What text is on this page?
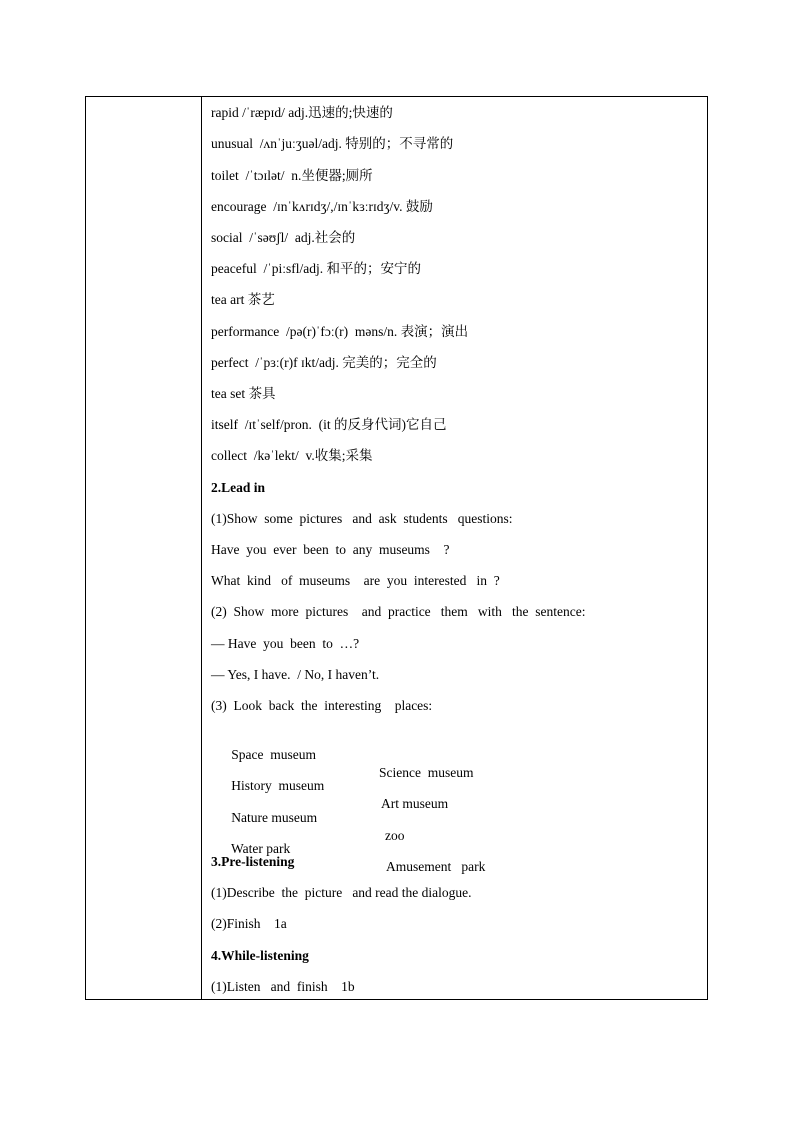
rapid /ˈræpɪd/ adj.迅速的;快速的
unusual  /ʌnˈjuːʒuəl/adj. 特别的；不寻常的
toilet  /ˈtɔɪlət/  n.坐便器;厕所
encourage  /ɪnˈkʌrɪdʒ/,/ɪnˈkɜːrɪdʒ/v. 鼓励
social  /ˈsəʊʃl/  adj.社会的
peaceful  /ˈpiːsfl/adj. 和平的；安宁的
tea art 茶艺
performance  /pə(r)ˈfɔː(r)  məns/n. 表演；演出
perfect  /ˈpɜː(r)f ɪkt/adj. 完美的；完全的
tea set 茶具
itself  /ɪtˈself/pron.  (it 的反身代词)它自己
collect  /kəˈlekt/  v.收集;采集
2.Lead in
(1)Show  some  pictures   and  ask  students   questions:
Have  you  ever  been  to  any  museums    ?
What  kind   of  museums    are  you  interested   in  ?
(2)  Show  more  pictures    and  practice   them   with   the  sentence:
— Have  you  been  to  …?
— Yes, I have.  / No, I haven’t.
(3)  Look  back  the  interesting    places:

Space  museum

Science  museum

History  museum

Art museum

Nature museum

zoo

Water park

Amusement   park

3.Pre-listening
(1)Describe  the  picture   and read the dialogue.
(2)Finish    1a
4.While-listening
(1)Listen   and  finish    1b
